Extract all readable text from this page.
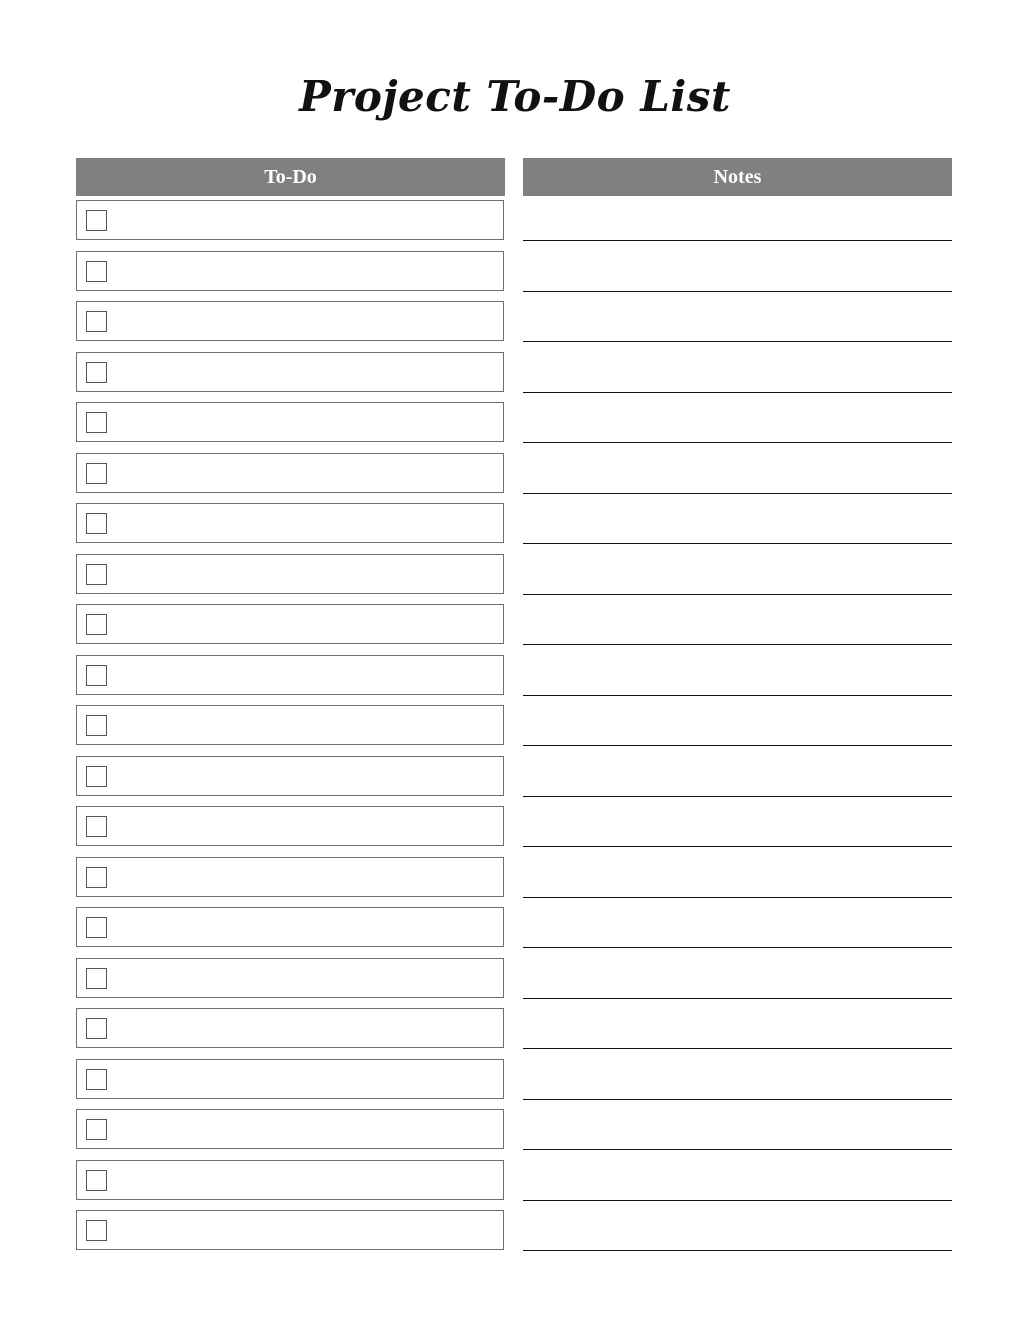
Project To-Do List
To-Do	Notes
